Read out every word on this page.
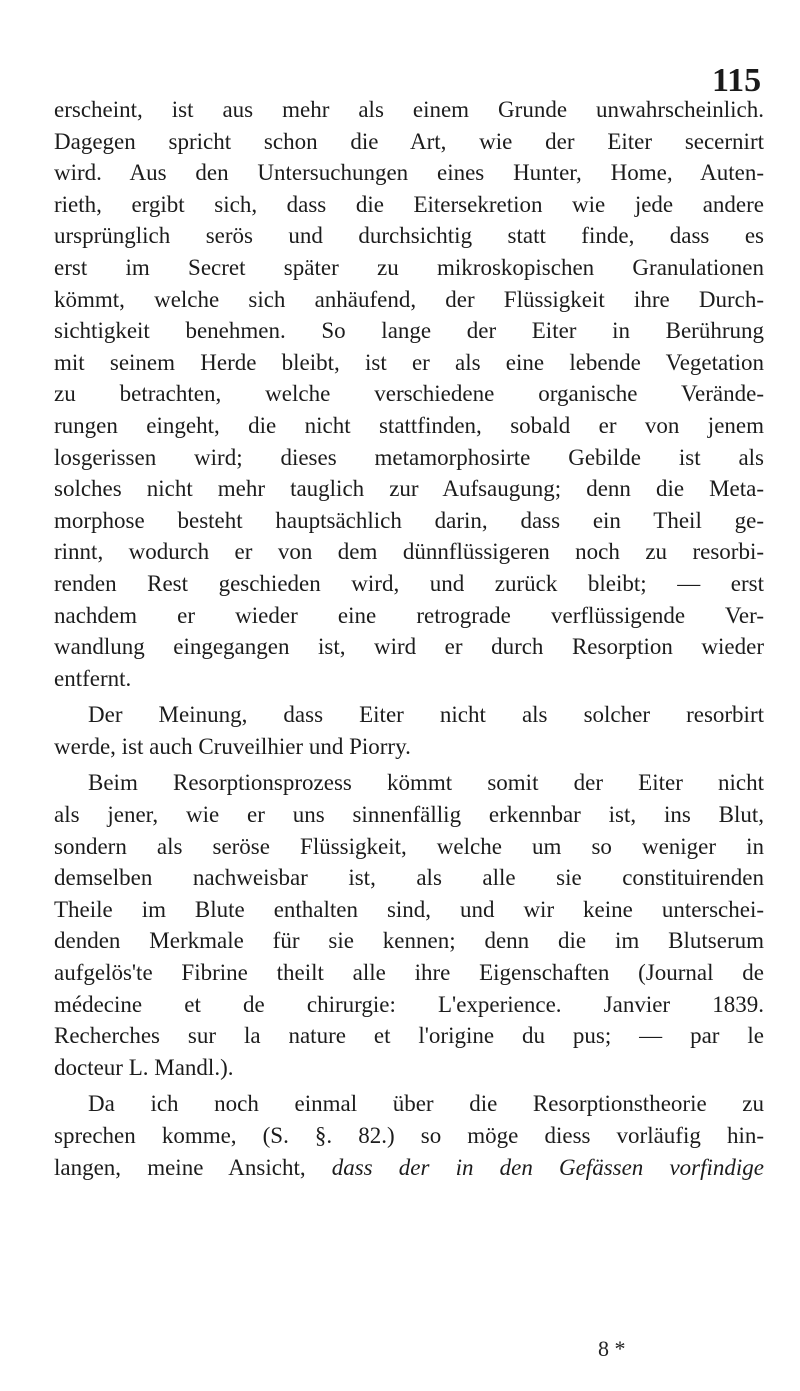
115
erscheint, ist aus mehr als einem Grunde unwahrscheinlich.
Dagegen spricht schon die Art, wie der Eiter secernirt
wird. Aus den Untersuchungen eines Hunter, Home, Auten-
rieth, ergibt sich, dass die Eitersekretion wie jede andere
ursprünglich serös und durchsichtig statt finde, dass es
erst im Secret später zu mikroskopischen Granulationen
kömmt, welche sich anhäufend, der Flüssigkeit ihre Durch-
sichtigkeit benehmen. So lange der Eiter in Berührung
mit seinem Herde bleibt, ist er als eine lebende Vegetation
zu betrachten, welche verschiedene organische Verände-
rungen eingeht, die nicht stattfinden, sobald er von jenem
losgerissen wird; dieses metamorphosirte Gebilde ist als
solches nicht mehr tauglich zur Aufsaugung; denn die Meta-
morphose besteht hauptsächlich darin, dass ein Theil ge-
rinnt, wodurch er von dem dünnflüssigeren noch zu resorbi-
renden Rest geschieden wird, und zurück bleibt; — erst
nachdem er wieder eine retrograde verflüssigende Ver-
wandlung eingegangen ist, wird er durch Resorption wieder
entfernt.
Der Meinung, dass Eiter nicht als solcher resorbirt
werde, ist auch Cruveilhier und Piorry.
Beim Resorptionsprozess kömmt somit der Eiter nicht
als jener, wie er uns sinnenfällig erkennbar ist, ins Blut,
sondern als seröse Flüssigkeit, welche um so weniger in
demselben nachweisbar ist, als alle sie constituirenden
Theile im Blute enthalten sind, und wir keine unterschei-
denden Merkmale für sie kennen; denn die im Blutserum
aufgelös'te Fibrine theilt alle ihre Eigenschaften (Journal de
médecine et de chirurgie: L'experience. Janvier 1839.
Recherches sur la nature et l'origine du pus; — par le
docteur L. Mandl.).
Da ich noch einmal über die Resorptionstheorie zu
sprechen komme, (S. §. 82.) so möge diess vorläufig hin-
langen, meine Ansicht, dass der in den Gefässen vorfindige
8 *
